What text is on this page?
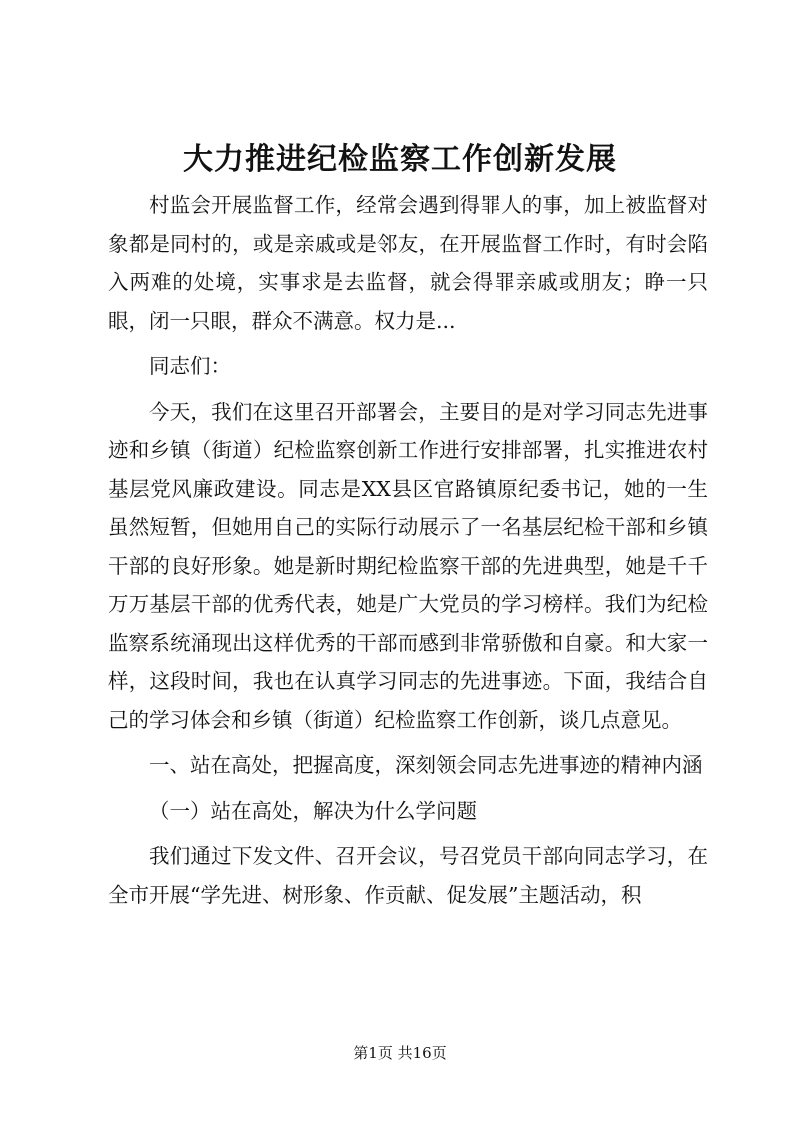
大力推进纪检监察工作创新发展

村监会开展监督工作，经常会遇到得罪人的事，加上被监督对象都是同村的，或是亲戚或是邻友，在开展监督工作时，有时会陷入两难的处境，实事求是去监督，就会得罪亲戚或朋友；睁一只眼，闭一只眼，群众不满意。权力是...

同志们：

今天，我们在这里召开部署会，主要目的是对学习同志先进事迹和乡镇（街道）纪检监察创新工作进行安排部署，扎实推进农村基层党风廉政建设。同志是XX县区官路镇原纪委书记，她的一生虽然短暂，但她用自己的实际行动展示了一名基层纪检干部和乡镇干部的良好形象。她是新时期纪检监察干部的先进典型，她是千千万万基层干部的优秀代表，她是广大党员的学习榜样。我们为纪检监察系统涌现出这样优秀的干部而感到非常骄傲和自豪。和大家一样，这段时间，我也在认真学习同志的先进事迹。下面，我结合自己的学习体会和乡镇（街道）纪检监察工作创新，谈几点意见。

一、站在高处，把握高度，深刻领会同志先进事迹的精神内涵

（一）站在高处，解决为什么学问题

我们通过下发文件、召开会议，号召党员干部向同志学习，在全市开展“学先进、树形象、作贡献、促发展”主题活动，积

第1页 共16页
